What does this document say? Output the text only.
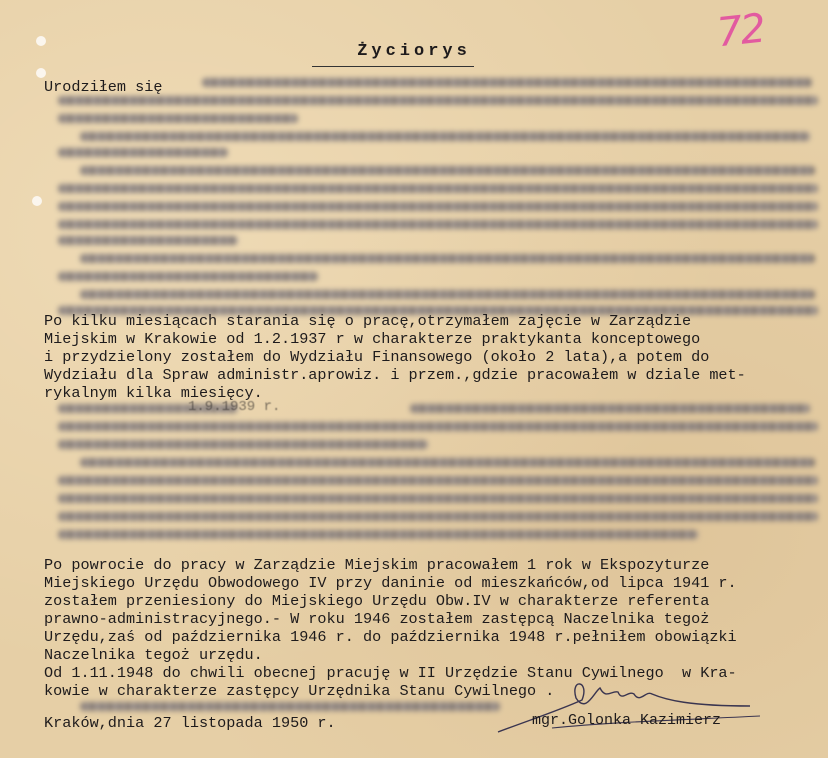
72
Życiorys
Urodziłem się
Po kilku miesiącach starania się o pracę,otrzymałem zajęcie w Zarządzie
Miejskim w Krakowie od 1.2.1937 r w charakterze praktykanta konceptowego
i przydzielony zostałem do Wydziału Finansowego (około 2 lata),a potem do
Wydziału dla Spraw administr.aprowiz. i przem.,gdzie pracowałem w dziale met-
rykalnym kilka miesięcy.
1.9.1939 r.
Po powrocie do pracy w Zarządzie Miejskim pracowałem 1 rok w Ekspozyturze
Miejskiego Urzędu Obwodowego IV przy daninie od mieszkańców,od lipca 1941 r.
zostałem przeniesiony do Miejskiego Urzędu Obw.IV w charakterze referenta
prawno-administracyjnego.- W roku 1946 zostałem zastępcą Naczelnika tegoż
Urzędu,zaś od października 1946 r. do października 1948 r.pełniłem obowiązki
Naczelnika tegoż urzędu.
Od 1.11.1948 do chwili obecnej pracuję w II Urzędzie Stanu Cywilnego  w Kra-
kowie w charakterze zastępcy Urzędnika Stanu Cywilnego .
Kraków,dnia 27 listopada 1950 r.	mgr.Golonka Kazimierz
